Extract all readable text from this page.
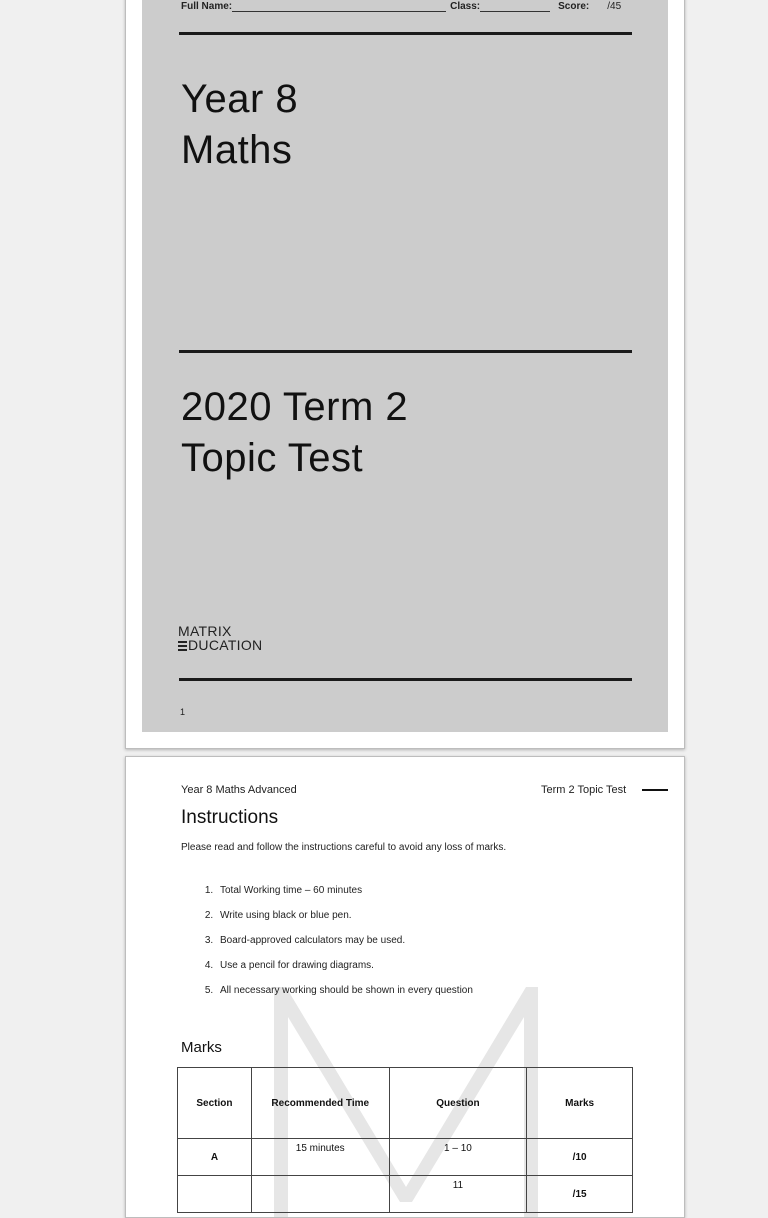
Full Name:	Class:	Score: /45
Year 8
Maths
2020 Term 2
Topic Test
MATRIX
DUCATION
1
Year 8 Maths Advanced	Term 2 Topic Test
Instructions
Please read and follow the instructions careful to avoid any loss of marks.
1. Total Working time – 60 minutes
2. Write using black or blue pen.
3. Board-approved calculators may be used.
4. Use a pencil for drawing diagrams.
5. All necessary working should be shown in every question
Marks
Section	Recommended Time	Question	Marks
A	15 minutes	1 – 10	/10
		11	/15
